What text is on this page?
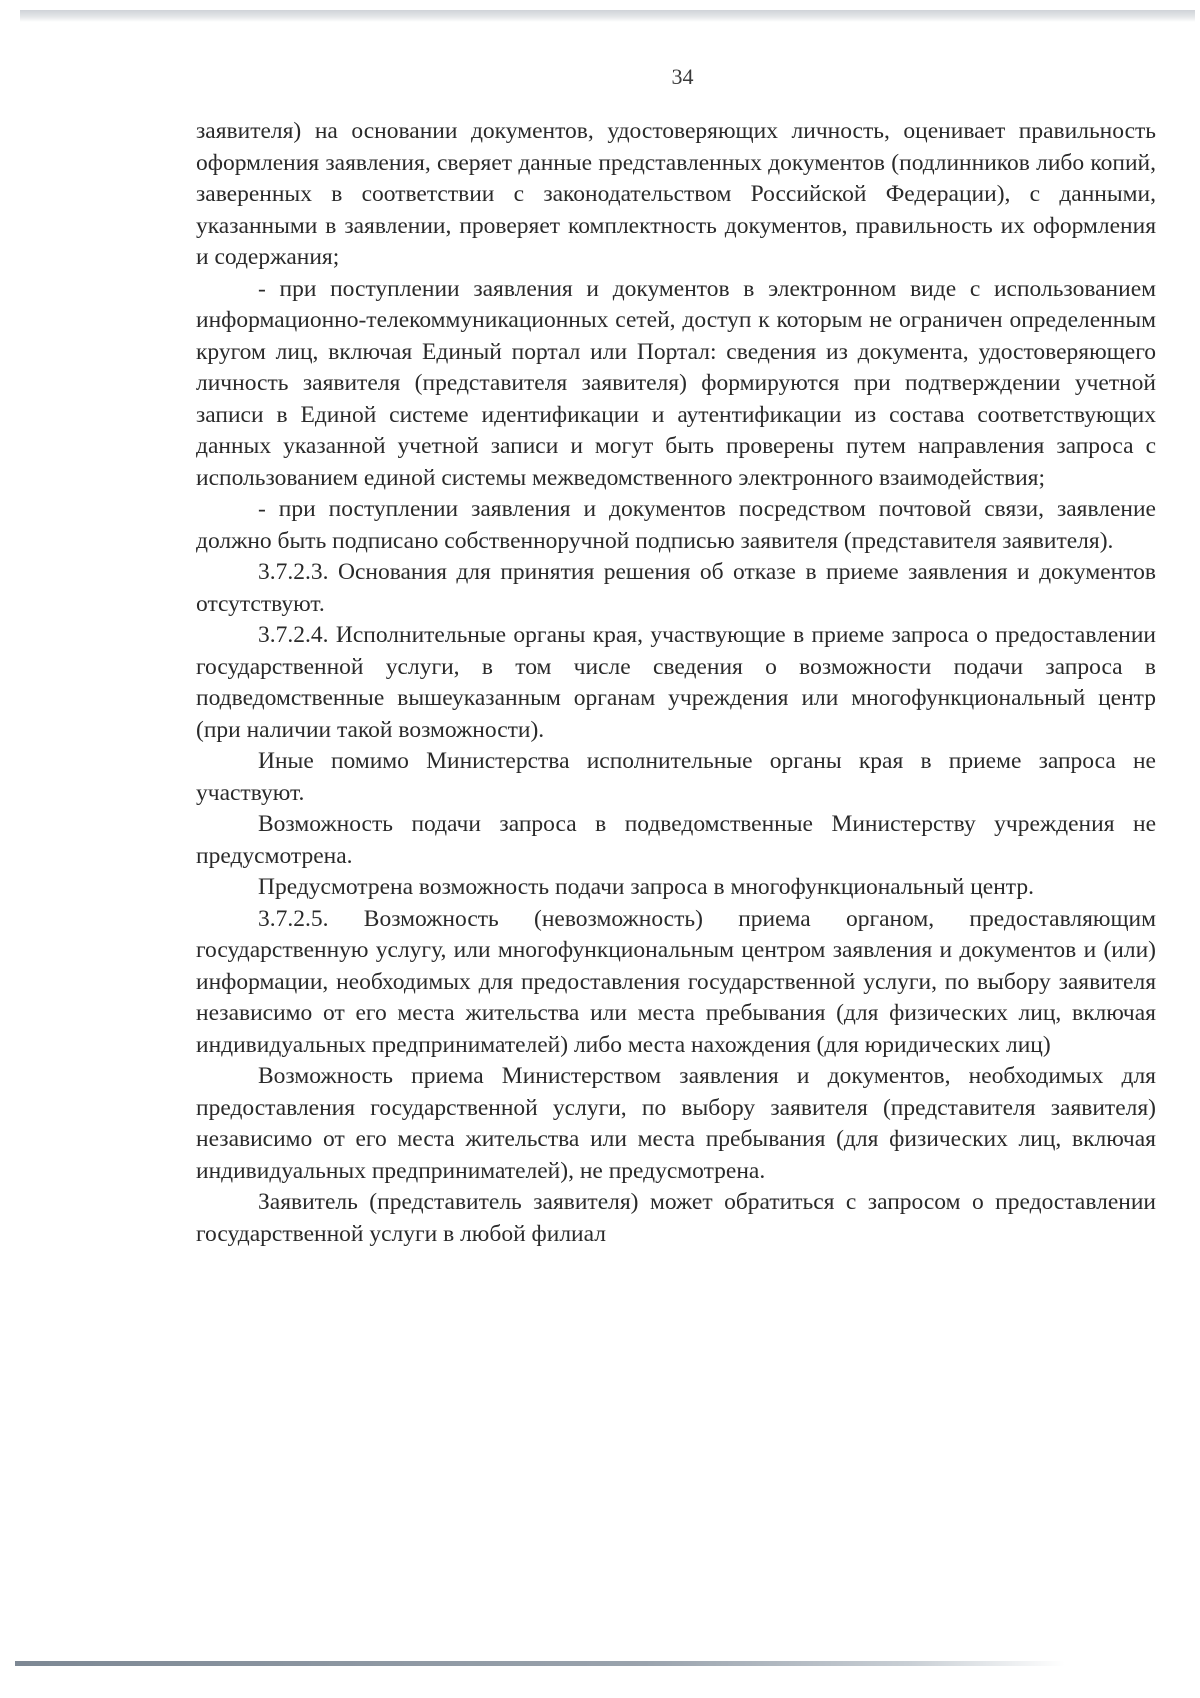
34

заявителя) на основании документов, удостоверяющих личность, оценивает правильность оформления заявления, сверяет данные представленных документов (подлинников либо копий, заверенных в соответствии с законодательством Российской Федерации), с данными, указанными в заявлении, проверяет комплектность документов, правильность их оформления и содержания;

- при поступлении заявления и документов в электронном виде с использованием информационно-телекоммуникационных сетей, доступ к которым не ограничен определенным кругом лиц, включая Единый портал или Портал: сведения из документа, удостоверяющего личность заявителя (представителя заявителя) формируются при подтверждении учетной записи в Единой системе идентификации и аутентификации из состава соответствующих данных указанной учетной записи и могут быть проверены путем направления запроса с использованием единой системы межведомственного электронного взаимодействия;

- при поступлении заявления и документов посредством почтовой связи, заявление должно быть подписано собственноручной подписью заявителя (представителя заявителя).

3.7.2.3. Основания для принятия решения об отказе в приеме заявления и документов отсутствуют.

3.7.2.4. Исполнительные органы края, участвующие в приеме запроса о предоставлении государственной услуги, в том числе сведения о возможности подачи запроса в подведомственные вышеуказанным органам учреждения или многофункциональный центр (при наличии такой возможности).

Иные помимо Министерства исполнительные органы края в приеме запроса не участвуют.

Возможность подачи запроса в подведомственные Министерству учреждения не предусмотрена.

Предусмотрена возможность подачи запроса в многофункциональный центр.

3.7.2.5. Возможность (невозможность) приема органом, предоставляющим государственную услугу, или многофункциональным центром заявления и документов и (или) информации, необходимых для предоставления государственной услуги, по выбору заявителя независимо от его места жительства или места пребывания (для физических лиц, включая индивидуальных предпринимателей) либо места нахождения (для юридических лиц)

Возможность приема Министерством заявления и документов, необходимых для предоставления государственной услуги, по выбору заявителя (представителя заявителя) независимо от его места жительства или места пребывания (для физических лиц, включая индивидуальных предпринимателей), не предусмотрена.

Заявитель (представитель заявителя) может обратиться с запросом о предоставлении государственной услуги в любой филиал
